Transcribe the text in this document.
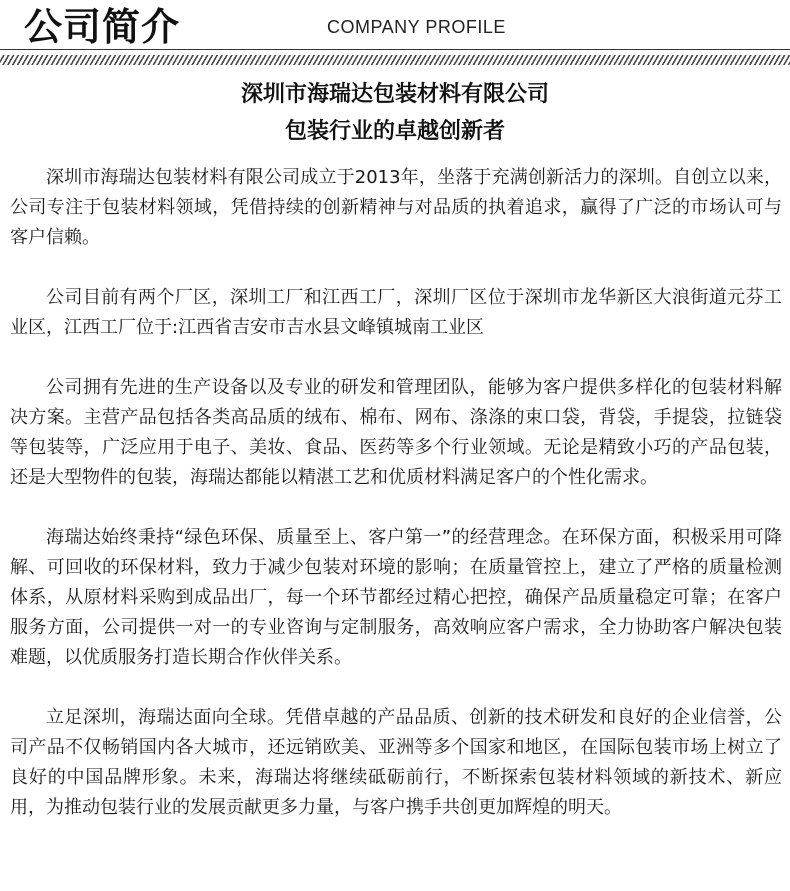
公司简介	COMPANY PROFILE
深圳市海瑞达包装材料有限公司
包装行业的卓越创新者

深圳市海瑞达包装材料有限公司成立于2013年，坐落于充满创新活力的深圳。自创立以来，公司专注于包装材料领域，凭借持续的创新精神与对品质的执着追求，赢得了广泛的市场认可与客户信赖。

公司目前有两个厂区，深圳工厂和江西工厂，深圳厂区位于深圳市龙华新区大浪街道元芬工业区，江西工厂位于:江西省吉安市吉水县文峰镇城南工业区

公司拥有先进的生产设备以及专业的研发和管理团队，能够为客户提供多样化的包装材料解决方案。主营产品包括各类高品质的绒布、棉布、网布、涤涤的束口袋，背袋，手提袋，拉链袋等包装等，广泛应用于电子、美妆、食品、医药等多个行业领域。无论是精致小巧的产品包装，还是大型物件的包装，海瑞达都能以精湛工艺和优质材料满足客户的个性化需求。

海瑞达始终秉持“绿色环保、质量至上、客户第一”的经营理念。在环保方面，积极采用可降解、可回收的环保材料，致力于减少包装对环境的影响；在质量管控上，建立了严格的质量检测体系，从原材料采购到成品出厂，每一个环节都经过精心把控，确保产品质量稳定可靠；在客户服务方面，公司提供一对一的专业咨询与定制服务，高效响应客户需求，全力协助客户解决包装难题，以优质服务打造长期合作伙伴关系。

立足深圳，海瑞达面向全球。凭借卓越的产品品质、创新的技术研发和良好的企业信誉，公司产品不仅畅销国内各大城市，还远销欧美、亚洲等多个国家和地区，在国际包装市场上树立了良好的中国品牌形象。未来，海瑞达将继续砥砺前行，不断探索包装材料领域的新技术、新应用，为推动包装行业的发展贡献更多力量，与客户携手共创更加辉煌的明天。
